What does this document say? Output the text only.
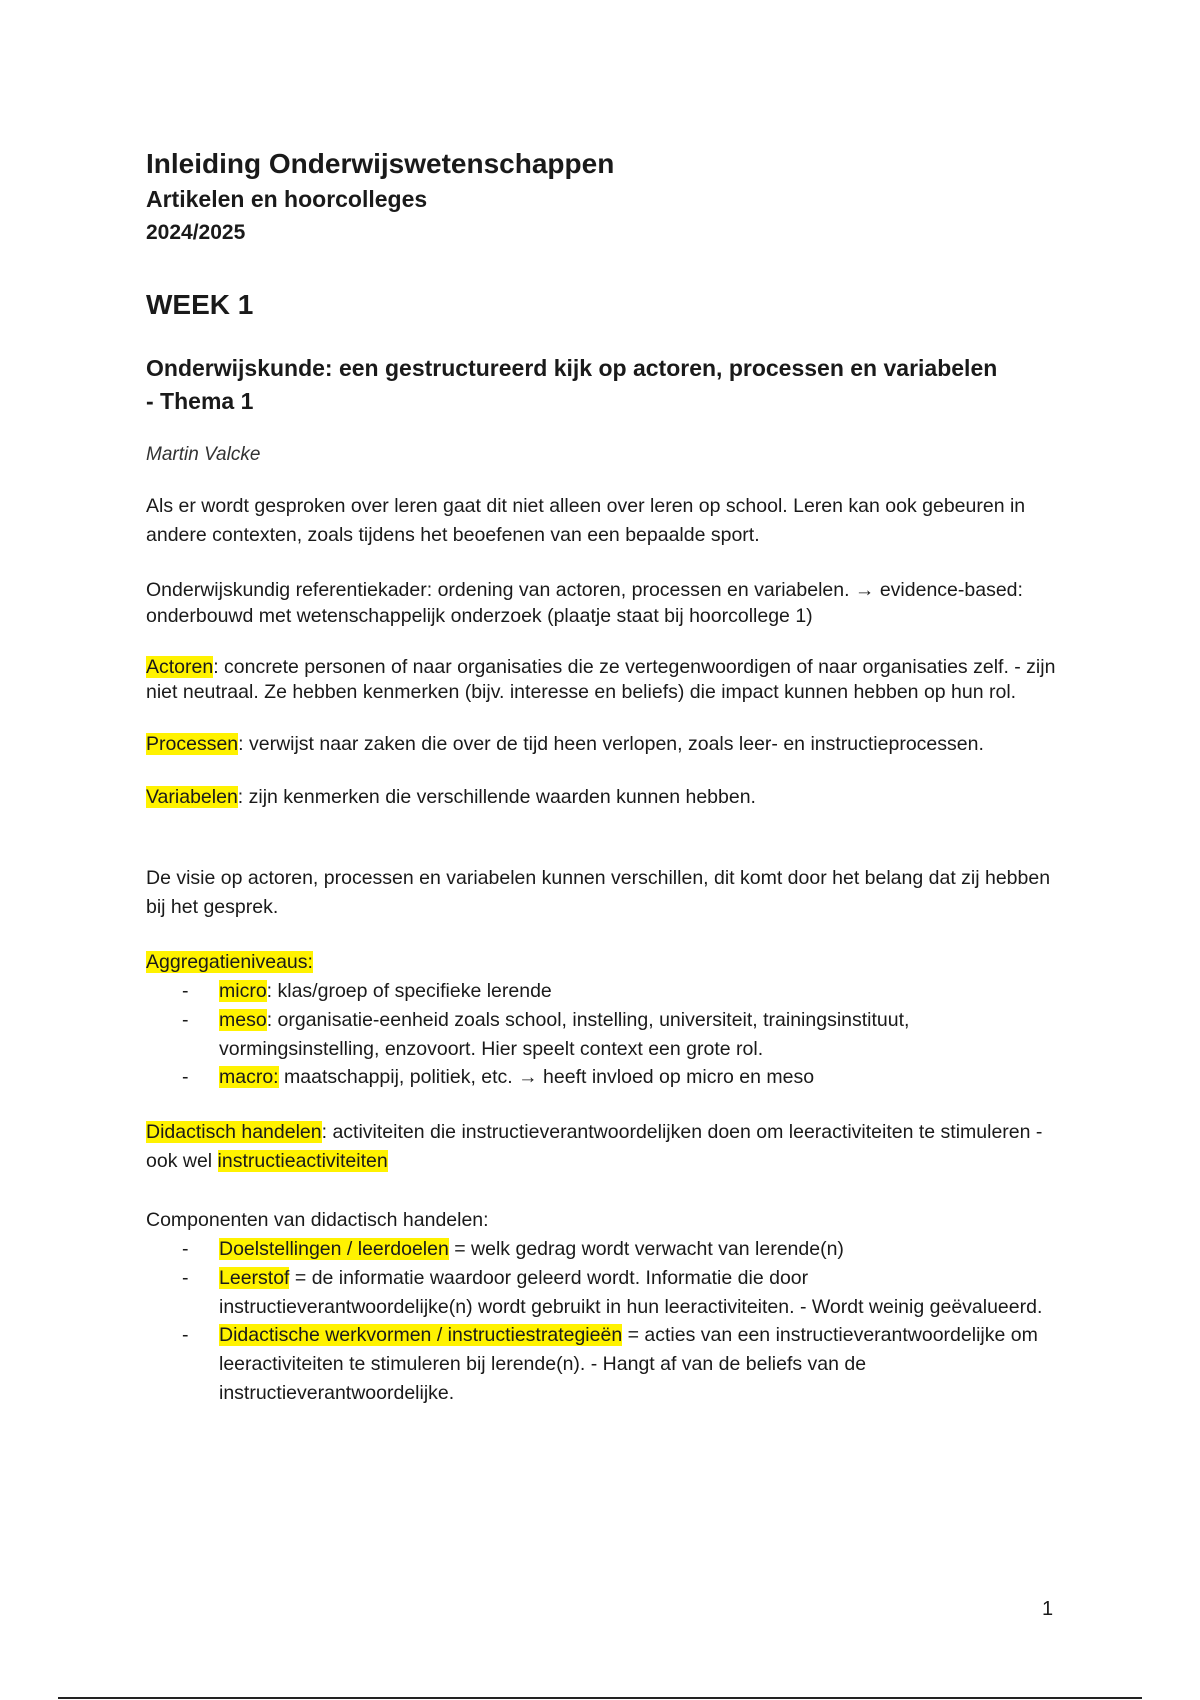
Inleiding Onderwijswetenschappen
Artikelen en hoorcolleges
2024/2025
WEEK 1
Onderwijskunde: een gestructureerd kijk op actoren, processen en variabelen - Thema 1
Martin Valcke

Als er wordt gesproken over leren gaat dit niet alleen over leren op school. Leren kan ook gebeuren in andere contexten, zoals tijdens het beoefenen van een bepaalde sport.

Onderwijskundig referentiekader: ordening van actoren, processen en variabelen. → evidence-based: onderbouwd met wetenschappelijk onderzoek (plaatje staat bij hoorcollege 1)

Actoren: concrete personen of naar organisaties die ze vertegenwoordigen of naar organisaties zelf. - zijn niet neutraal. Ze hebben kenmerken (bijv. interesse en beliefs) die impact kunnen hebben op hun rol.

Processen: verwijst naar zaken die over de tijd heen verlopen, zoals leer- en instructieprocessen.

Variabelen: zijn kenmerken die verschillende waarden kunnen hebben.

De visie op actoren, processen en variabelen kunnen verschillen, dit komt door het belang dat zij hebben bij het gesprek.

Aggregatieniveaus:

- micro: klas/groep of specifieke lerende
- meso: organisatie-eenheid zoals school, instelling, universiteit, trainingsinstituut, vormingsinstelling, enzovoort. Hier speelt context een grote rol.
- macro: maatschappij, politiek, etc. → heeft invloed op micro en meso

Didactisch handelen: activiteiten die instructieverantwoordelijken doen om leeractiviteiten te stimuleren - ook wel instructieactiviteiten

Componenten van didactisch handelen:

- Doelstellingen / leerdoelen = welk gedrag wordt verwacht van lerende(n)
- Leerstof = de informatie waardoor geleerd wordt. Informatie die door instructieverantwoordelijke(n) wordt gebruikt in hun leeractiviteiten. - Wordt weinig geëvalueerd.
- Didactische werkvormen / instructiestrategieën = acties van een instructieverantwoordelijke om leeractiviteiten te stimuleren bij lerende(n). - Hangt af van de beliefs van de instructieverantwoordelijke.
1
